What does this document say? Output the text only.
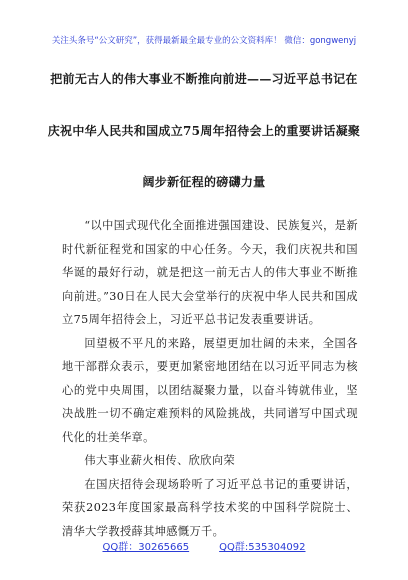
关注头条号“公文研究”，获得最新最全最专业的公文资料库！ 微信：gongwenyj
把前无古人的伟大事业不断推向前进——习近平总书记在
庆祝中华人民共和国成立75周年招待会上的重要讲话凝聚
阔步新征程的磅礴力量

“以中国式现代化全面推进强国建设、民族复兴，是新时代新征程党和国家的中心任务。今天，我们庆祝共和国华诞的最好行动，就是把这一前无古人的伟大事业不断推向前进。”30日在人民大会堂举行的庆祝中华人民共和国成立75周年招待会上，习近平总书记发表重要讲话。

回望极不平凡的来路，展望更加壮阔的未来，全国各地干部群众表示，要更加紧密地团结在以习近平同志为核心的党中央周围，以团结凝聚力量，以奋斗铸就伟业，坚决战胜一切不确定难预料的风险挑战，共同谱写中国式现代化的壮美华章。

伟大事业薪火相传、欣欣向荣

在国庆招待会现场聆听了习近平总书记的重要讲话，荣获2023年度国家最高科学技术奖的中国科学院院士、清华大学教授薛其坤感慨万千。

QQ群：30265665	QQ群:535304092
